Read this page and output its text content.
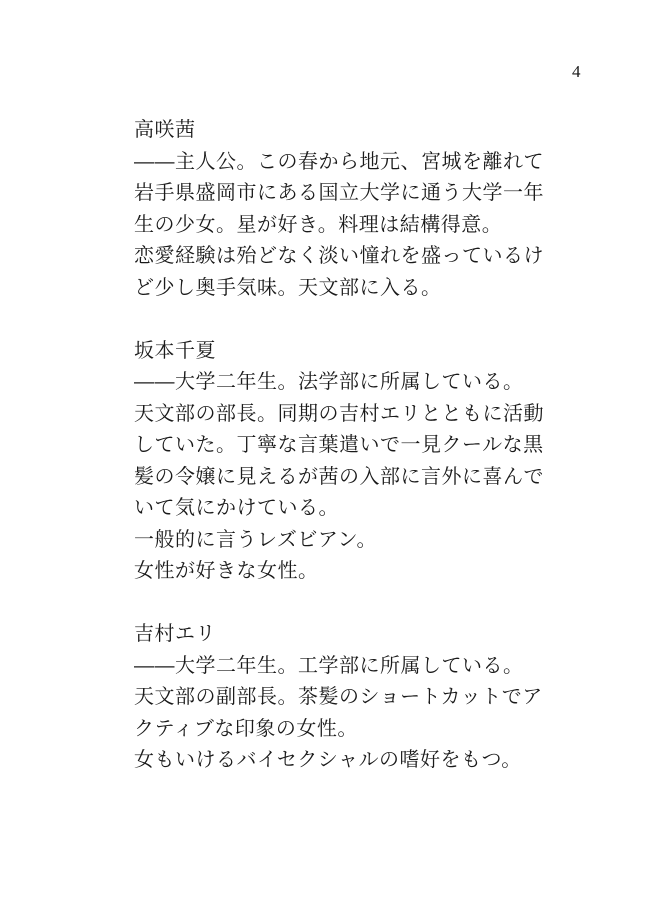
4
高咲茜
――主人公。この春から地元、宮城を離れて
岩手県盛岡市にある国立大学に通う大学一年
生の少女。星が好き。料理は結構得意。
恋愛経験は殆どなく淡い憧れを盛っているけ
ど少し奥手気味。天文部に入る。
坂本千夏
――大学二年生。法学部に所属している。
天文部の部長。同期の吉村エリとともに活動
していた。丁寧な言葉遣いで一見クールな黒
髪の令嬢に見えるが茜の入部に言外に喜んで
いて気にかけている。
一般的に言うレズビアン。
女性が好きな女性。
吉村エリ
――大学二年生。工学部に所属している。
天文部の副部長。茶髪のショートカットでア
クティブな印象の女性。
女もいけるバイセクシャルの嗜好をもつ。
